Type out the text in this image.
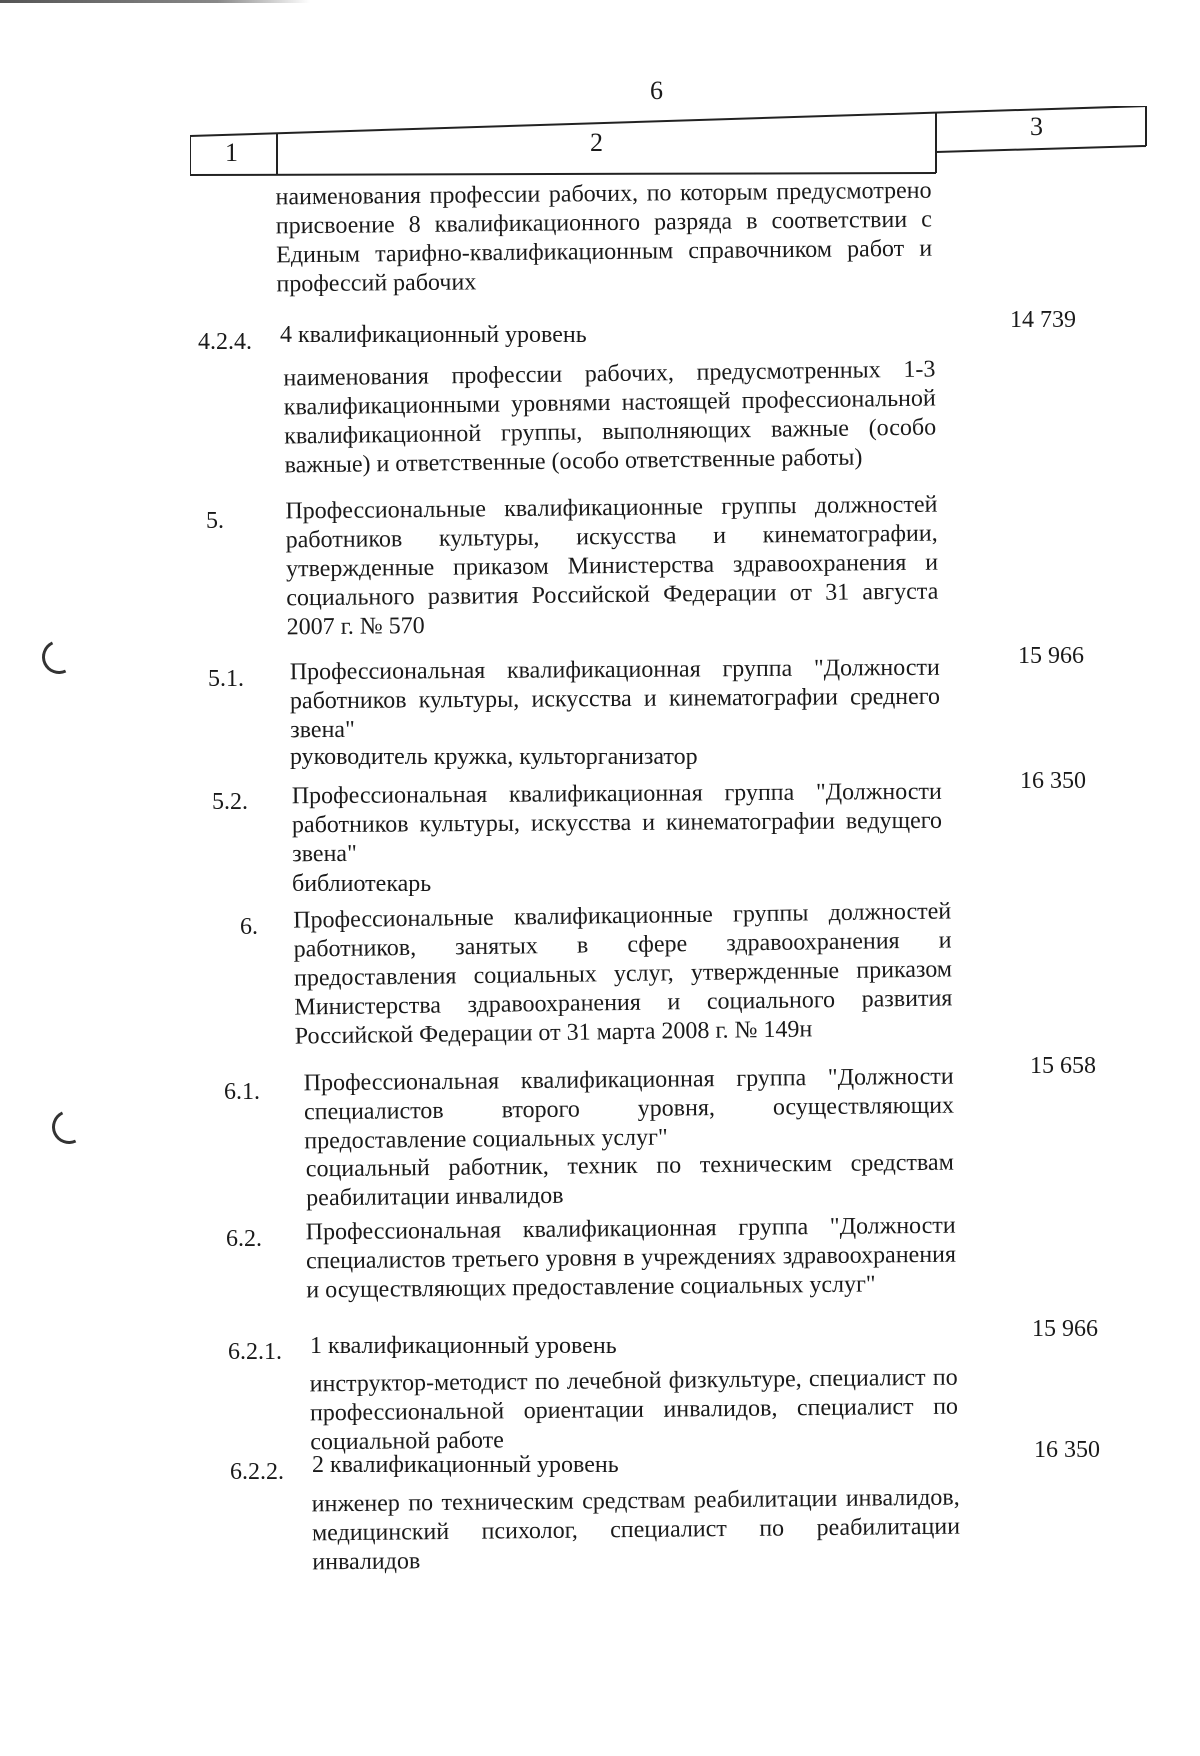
6
1	2
3
наименования профессии рабочих, по которым предусмотрено присвоение 8 квалификационного разряда в соответствии с Единым тарифно-квалификационным справочником работ и профессий рабочих
4.2.4. 4 квалификационный уровень
14 739
наименования профессии рабочих, предусмотренных 1-3 квалификационными уровнями настоящей профессиональной квалификационной группы, выполняющих важные (особо важные) и ответственные (особо ответственные работы)
5.	Профессиональные квалификационные группы должностей работников культуры, искусства и кинематографии, утвержденные приказом Министерства здравоохранения и социального развития Российской Федерации от 31 августа 2007 г. № 570
5.1. Профессиональная квалификационная группа "Должности работников культуры, искусства и кинематографии среднего звена"
15 966
руководитель кружка, культорганизатор
5.2. Профессиональная квалификационная группа "Должности работников культуры, искусства и кинематографии ведущего звена"
16 350
библиотекарь
6. Профессиональные квалификационные группы должностей работников, занятых в сфере здравоохранения и предоставления социальных услуг, утвержденные приказом Министерства здравоохранения и социального развития Российской Федерации от 31 марта 2008 г. № 149н
6.1. Профессиональная квалификационная группа "Должности специалистов второго уровня, осуществляющих предоставление социальных услуг"
15 658
социальный работник, техник по техническим средствам реабилитации инвалидов
6.2. Профессиональная квалификационная группа "Должности специалистов третьего уровня в учреждениях здравоохранения и осуществляющих предоставление социальных услуг"
6.2.1. 1 квалификационный уровень
15 966
инструктор-методист по лечебной физкультуре, специалист по профессиональной ориентации инвалидов, специалист по социальной работе
6.2.2. 2 квалификационный уровень
16 350
инженер по техническим средствам реабилитации инвалидов, медицинский психолог, специалист по реабилитации инвалидов
